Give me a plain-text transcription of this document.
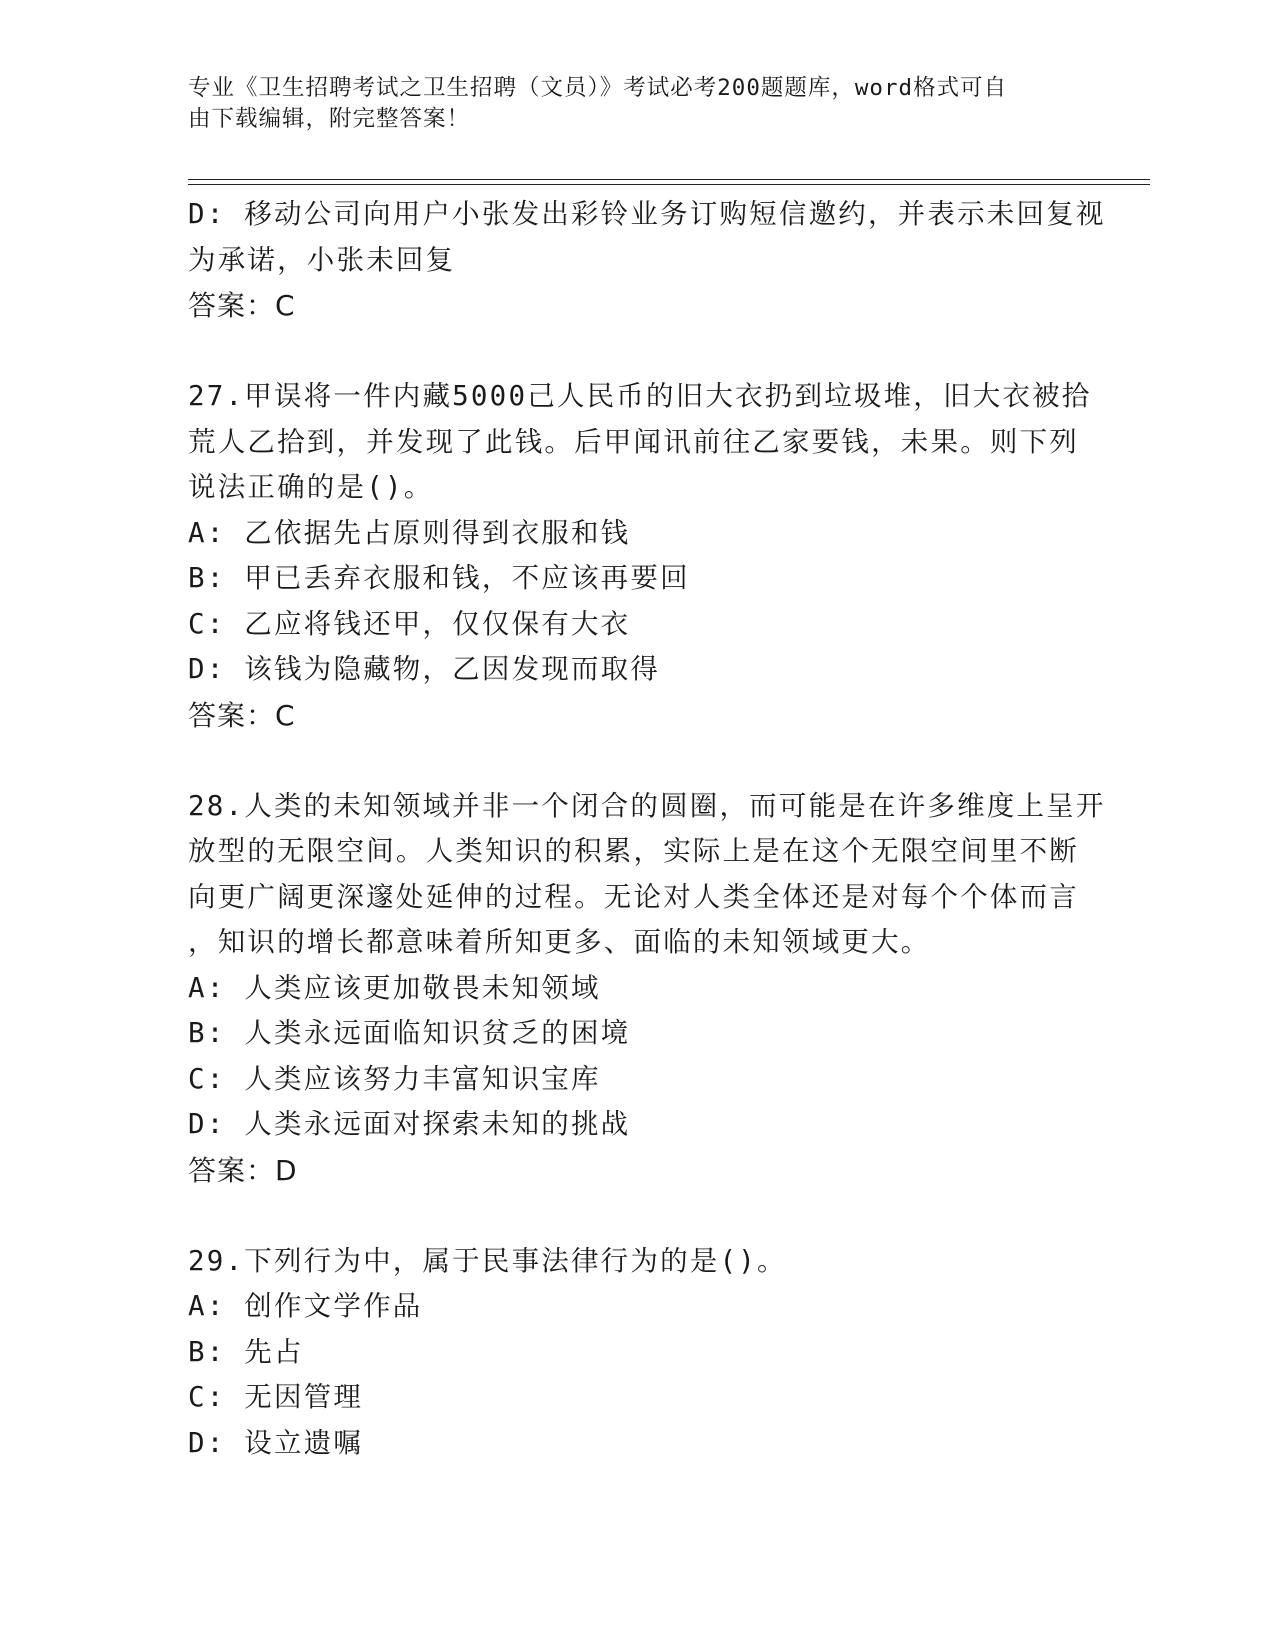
专业《卫生招聘考试之卫生招聘（文员）》考试必考200题题库，word格式可自
由下载编辑，附完整答案！
D: 移动公司向用户小张发出彩铃业务订购短信邀约，并表示未回复视
为承诺，小张未回复
答案：C
27.甲误将一件内藏5000己人民币的旧大衣扔到垃圾堆，旧大衣被拾
荒人乙拾到，并发现了此钱。后甲闻讯前往乙家要钱，未果。则下列
说法正确的是()。
A: 乙依据先占原则得到衣服和钱
B: 甲已丢弃衣服和钱，不应该再要回
C: 乙应将钱还甲，仅仅保有大衣
D: 该钱为隐藏物，乙因发现而取得
答案：C
28.人类的未知领域并非一个闭合的圆圈，而可能是在许多维度上呈开
放型的无限空间。人类知识的积累，实际上是在这个无限空间里不断
向更广阔更深邃处延伸的过程。无论对人类全体还是对每个个体而言
，知识的增长都意味着所知更多、面临的未知领域更大。
A: 人类应该更加敬畏未知领域
B: 人类永远面临知识贫乏的困境
C: 人类应该努力丰富知识宝库
D: 人类永远面对探索未知的挑战
答案：D
29.下列行为中，属于民事法律行为的是()。
A: 创作文学作品
B: 先占
C: 无因管理
D: 设立遗嘱
